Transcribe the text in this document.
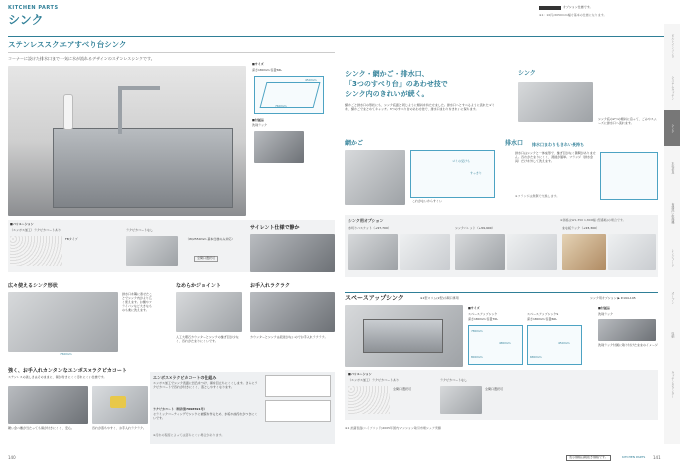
KITCHEN PARTS
シンク
ステンレススクエアすべり台シンク
コーナーに設けた排水口まで一気に水が流れるデザインのステンレスシンクです。
■サイズ
深さ180mm 容量56L
760mm
450mm
■付属品
洗剤ラック
■バリエーション
（エンボス加工）ラクピカコートあり
FBタイプ
ラクピカコートなし
（W/2550mm 基本仕様のみ対応）
全間口選択可
サイレント仕様で静か
広々使えるシンク形状
排水口を隅に寄せたことでシンク内がより広く使えます。お鍋やフライパンなど大きなものも楽に洗えます。
760mm
なめらかジョイント
人工大理石カウンターとシンクの継ぎ目が少なく、汚れがたまりにくいです。
お手入れラクラク
カウンターとシンクは段差がないのでお手入れラクラク。
強く、お手入れカンタンなエンボス×ラクピカコート
ステンレスの美しさはそのままに、傷が付きにくく汚れにくい仕様です。
硬い金べ擦が当たっても傷が付きにくく、安心。	汚れが落ちやすく、お手入れラクラク。
エンボス×ラクピカコートの仕組み
エンボス加工でシンク表面に凹凸をつけ、傷を目立ちにくくします。さらにラクピカコートで汚れが付きにくく、落としやすくなります。
ラクピカコート（特許第7098591号）
セラミックコーティングでシンクに被膜を作るため、水垢や油汚れがつきにくいです。
※汚れの程度によっては落ちにくい場合があります。
140
オプション仕様です。
※1：10円/2050mm幅寸基本の仕様になります。
シンク・網かご・排水口、
「3つのすべり台」のあわせ技で
シンク内のきれいが続く。
網かごと排水口の形状にも、シンク底面と同じように傾斜を持たせました。排水口へとすべるように流れたゴミを、網かごでまとめてキャッチ。3つのすべり台のあわせ技で、排水口まわりをきれいに保ちます。
シンク
シンク底の2つの傾斜に沿って、ごみやスムーズに排水口へ流れます。
網かご
これがないからすくい
ゴミの受けも
すっきり
排水口 排水口まわりもきれい長持ち
排水口はシンクと一体成形で、継ぎ目がなく隙間がありません。汚れがたまりにくく、清掃が簡単。フランジ（排水金具）だけを外して洗えます。
※フランジは無償で交換します。
シンク用オプション	※価格はW1,350 1,800幅 (型番略)の場合です。
水切りバスケット（+¥7,700）	シンクパレット（+¥9,900）	まな板ラック（+¥3,300）
スペースアップシンク	※1型スリム(2型)小間口専用	シンク用オプション ▶ P.194-195
■サイズ
スペースアップシンク
深さ180mm 容量70L
スペースアップシンクS
深さ180mm 容量60L
800mm
780mm
480mm
680mm
450mm
■付属品
洗剤ラック
洗剤ラック付属に取り付けたままのイメージ
■バリエーション
（エンボス加工）ラクピカコートあり
全間口選択可
ラクピカコートなし
全間口選択可
※1 抗菌表面(ハイブリッド)2005年国内マンション取引市場シェア実績
表示価格は税抜き価格です。	KITCHEN PARTS 141
ビルトインコンロ
システムキッチン
シンク
水栓金具
食器洗い乾燥機
レンジフード
オーブン
収納
キッチンカウンター
